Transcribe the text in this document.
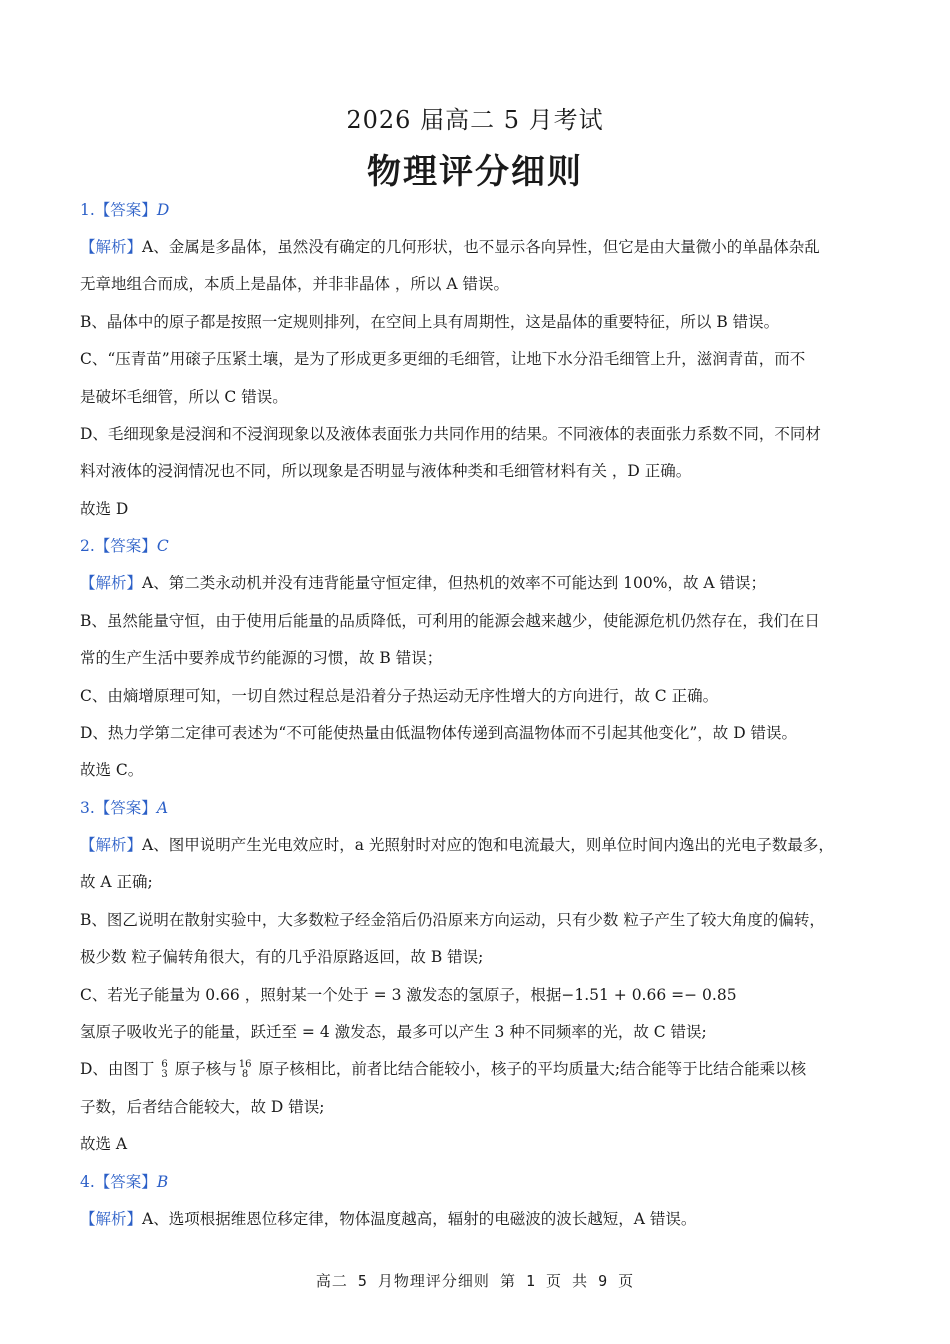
2026 届高二 5 月考试
物理评分细则
1.【答案】D
【解析】A、金属是多晶体，虽然没有确定的几何形状，也不显示各向异性，但它是由大量微小的单晶体杂乱
无章地组合而成，本质上是晶体，并非非晶体 ，所以 A 错误。
B、晶体中的原子都是按照一定规则排列，在空间上具有周期性，这是晶体的重要特征，所以 B 错误。
C、“压青苗”用磙子压紧土壤，是为了形成更多更细的毛细管，让地下水分沿毛细管上升，滋润青苗，而不
是破坏毛细管，所以 C 错误。
D、毛细现象是浸润和不浸润现象以及液体表面张力共同作用的结果。不同液体的表面张力系数不同，不同材
料对液体的浸润情况也不同，所以现象是否明显与液体种类和毛细管材料有关 ，D 正确。
故选 D
2.【答案】C
【解析】A、第二类永动机并没有违背能量守恒定律，但热机的效率不可能达到 100%，故 A 错误；
B、虽然能量守恒，由于使用后能量的品质降低，可利用的能源会越来越少，使能源危机仍然存在，我们在日
常的生产生活中要养成节约能源的习惯，故 B 错误；
C、由熵增原理可知，一切自然过程总是沿着分子热运动无序性增大的方向进行，故 C 正确。
D、热力学第二定律可表述为“不可能使热量由低温物体传递到高温物体而不引起其他变化”，故 D 错误。
故选 C。
3.【答案】A
【解析】A、图甲说明产生光电效应时，a 光照射时对应的饱和电流最大，则单位时间内逸出的光电子数最多，
故 A 正确;
B、图乙说明在散射实验中，大多数粒子经金箔后仍沿原来方向运动，只有少数 粒子产生了较大角度的偏转，
极少数 粒子偏转角很大，有的几乎沿原路返回，故 B 错误;
C、若光子能量为 0.66 ，照射某一个处于 = 3 激发态的氢原子，根据−1.51 + 0.66 =− 0.85
氢原子吸收光子的能量，跃迁至 = 4 激发态，最多可以产生 3 种不同频率的光，故 C 错误;
D、由图丁 6
3 原子核与 16
8 原子核相比，前者比结合能较小，核子的平均质量大;结合能等于比结合能乘以核
子数，后者结合能较大，故 D 错误;
故选 A
4.【答案】B
【解析】A、选项根据维恩位移定律，物体温度越高，辐射的电磁波的波长越短，A 错误。
高二 5 月物理评分细则 第 1 页 共 9 页
